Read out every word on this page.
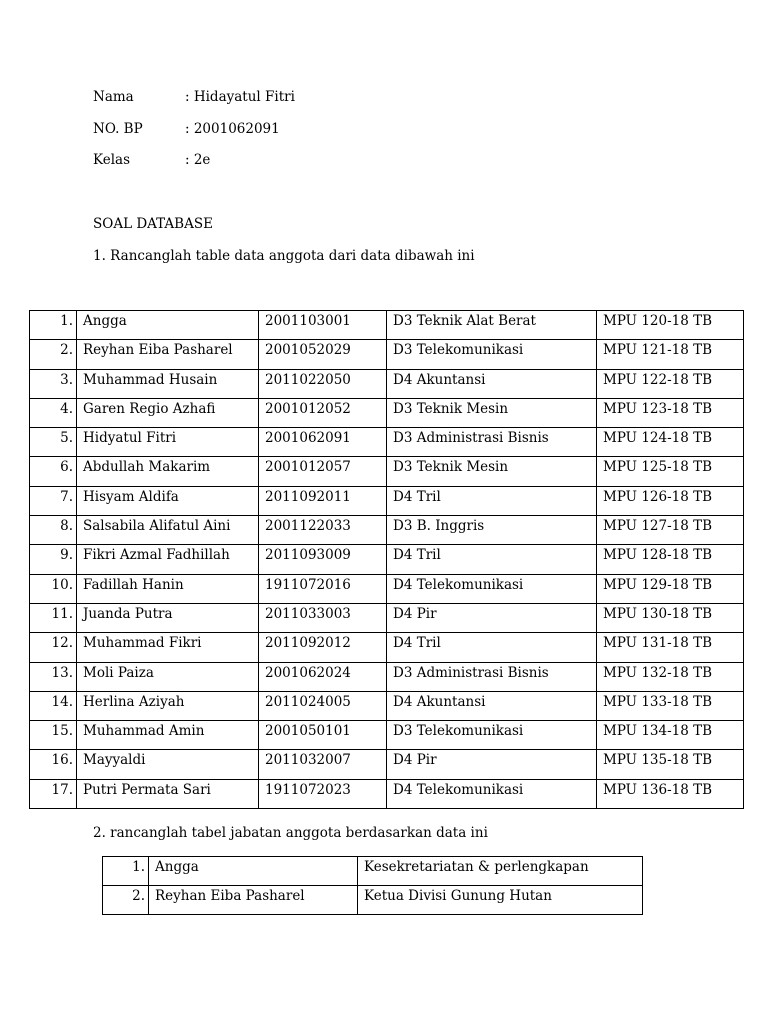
Nama	: Hidayatul Fitri
NO. BP	: 2001062091
Kelas	: 2e
SOAL DATABASE
1. Rancanglah table data anggota dari data dibawah ini
1.	Angga	2001103001	D3 Teknik Alat Berat	MPU 120-18 TB
2.	Reyhan Eiba Pasharel	2001052029	D3 Telekomunikasi	MPU 121-18 TB
3.	Muhammad Husain	2011022050	D4 Akuntansi	MPU 122-18 TB
4.	Garen Regio Azhafi	2001012052	D3 Teknik Mesin	MPU 123-18 TB
5.	Hidyatul Fitri	2001062091	D3 Administrasi Bisnis	MPU 124-18 TB
6.	Abdullah Makarim	2001012057	D3 Teknik Mesin	MPU 125-18 TB
7.	Hisyam Aldifa	2011092011	D4 Tril	MPU 126-18 TB
8.	Salsabila Alifatul Aini	2001122033	D3 B. Inggris	MPU 127-18 TB
9.	Fikri Azmal Fadhillah	2011093009	D4 Tril	MPU 128-18 TB
10.	Fadillah Hanin	1911072016	D4 Telekomunikasi	MPU 129-18 TB
11.	Juanda Putra	2011033003	D4 Pir	MPU 130-18 TB
12.	Muhammad Fikri	2011092012	D4 Tril	MPU 131-18 TB
13.	Moli Paiza	2001062024	D3 Administrasi Bisnis	MPU 132-18 TB
14.	Herlina Aziyah	2011024005	D4 Akuntansi	MPU 133-18 TB
15.	Muhammad Amin	2001050101	D3 Telekomunikasi	MPU 134-18 TB
16.	Mayyaldi	2011032007	D4 Pir	MPU 135-18 TB
17.	Putri Permata Sari	1911072023	D4 Telekomunikasi	MPU 136-18 TB
2. rancanglah tabel jabatan anggota berdasarkan data ini
1.	Angga	Kesekretariatan & perlengkapan
2.	Reyhan Eiba Pasharel	Ketua Divisi Gunung Hutan
